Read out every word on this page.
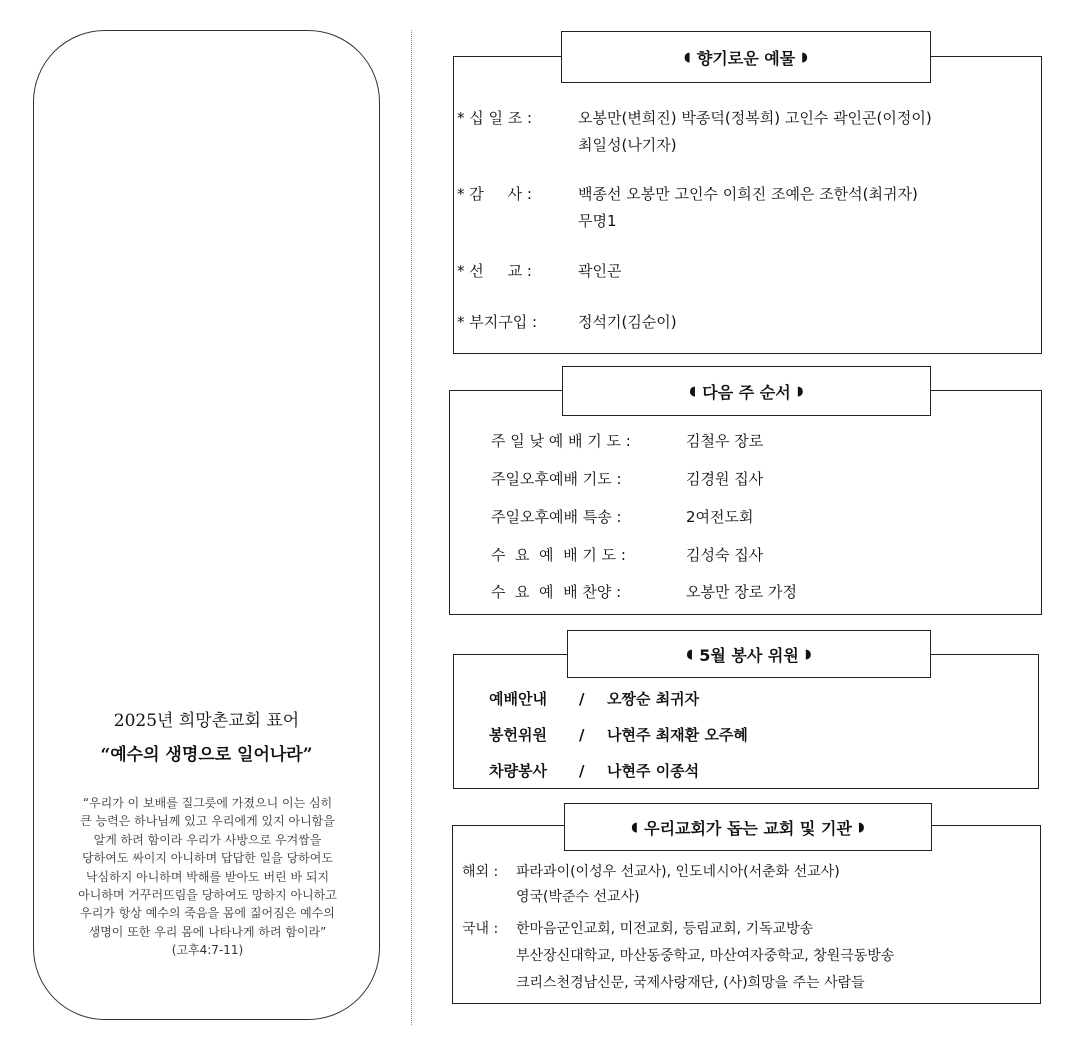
2025년 희망촌교회 표어
“예수의 생명으로 일어나라”
“우리가 이 보배를 질그릇에 가졌으니 이는 심히
큰 능력은 하나님께 있고 우리에게 있지 아니함을
알게 하려 함이라 우리가 사방으로 우겨쌈을
당하여도 싸이지 아니하며 답답한 일을 당하여도
낙심하지 아니하며 박해를 받아도 버린 바 되지
아니하며 거꾸러뜨림을 당하여도 망하지 아니하고
우리가 항상 예수의 죽음을 몸에 짊어짐은 예수의
생명이 또한 우리 몸에 나타나게 하려 함이라”
(고후4:7-11)
◖ 향기로운 예물 ◗
* 십 일 조 :	오봉만(변희진) 박종덕(정복희) 고인수 곽인곤(이정이)
최일성(나기자)
* 감     사 :	백종선 오봉만 고인수 이희진 조예은 조한석(최귀자)
무명1
* 선     교 :	곽인곤
* 부지구입 :	정석기(김순이)
◖ 다음 주 순서 ◗
주 일 낮 예 배 기 도 :	김철우 장로
주일오후예배 기도 :	김경원 집사
주일오후예배 특송 :	2여전도회
수  요  예  배 기 도 :	김성숙 집사
수  요  예  배 찬양 :	오봉만 장로 가정
◖ 5월 봉사 위원 ◗
예배안내 / 오짱순 최귀자
봉헌위원 / 나현주 최재환 오주혜
차량봉사 / 나현주 이종석
◖ 우리교회가 돕는 교회 및 기관 ◗
해외 : 파라과이(이성우 선교사), 인도네시아(서춘화 선교사)
영국(박준수 선교사)
국내 : 한마음군인교회, 미전교회, 등림교회, 기독교방송
부산장신대학교, 마산동중학교, 마산여자중학교, 창원극동방송
크리스천경남신문, 국제사랑재단, (사)희망을 주는 사람들
